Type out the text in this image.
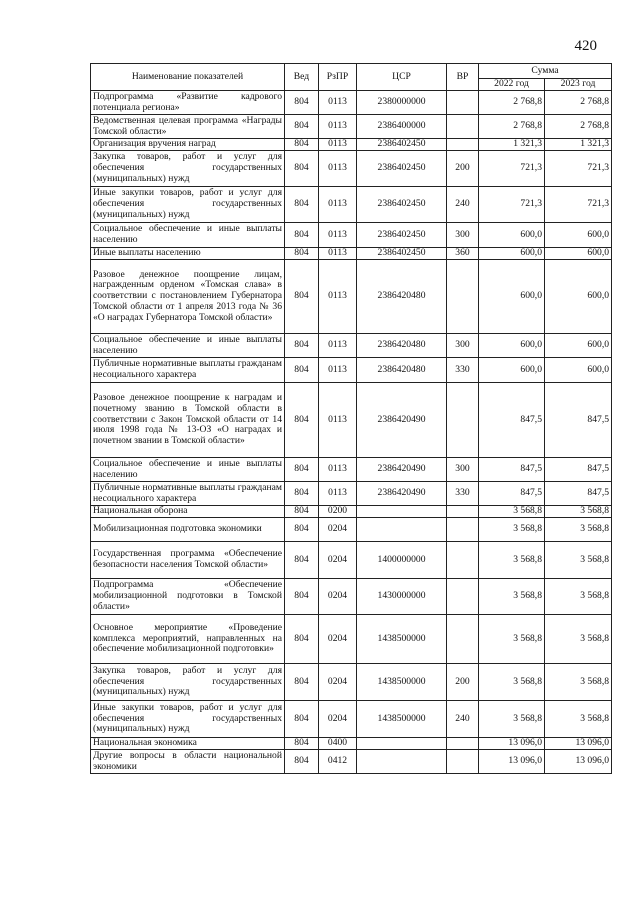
420
Наименование показателей	Вед	РзПР	ЦСР	ВР	Сумма	
					2022 год	2023 год
Подпрограмма «Развитие кадрового потенциала региона»	804	0113	2380000000		2 768,8	2 768,8
Ведомственная целевая программа «Награды Томской области»	804	0113	2386400000		2 768,8	2 768,8
Организация вручения наград	804	0113	2386402450		1 321,3	1 321,3
Закупка товаров, работ и услуг для обеспечения государственных (муниципальных) нужд	804	0113	2386402450	200	721,3	721,3
Иные закупки товаров, работ и услуг для обеспечения государственных (муниципальных) нужд	804	0113	2386402450	240	721,3	721,3
Социальное обеспечение и иные выплаты населению	804	0113	2386402450	300	600,0	600,0
Иные выплаты населению	804	0113	2386402450	360	600,0	600,0
Разовое денежное поощрение лицам, награжденным орденом «Томская слава» в соответствии с постановлением Губернатора Томской области от 1 апреля 2013 года № 36 «О наградах Губернатора Томской области»	804	0113	2386420480		600,0	600,0
Социальное обеспечение и иные выплаты населению	804	0113	2386420480	300	600,0	600,0
Публичные нормативные выплаты гражданам несоциального характера	804	0113	2386420480	330	600,0	600,0
Разовое денежное поощрение к наградам и почетному званию в Томской области в соответствии с Закон Томской области от 14 июля 1998 года № 13-ОЗ «О наградах и почетном звании в Томской области»	804	0113	2386420490		847,5	847,5
Социальное обеспечение и иные выплаты населению	804	0113	2386420490	300	847,5	847,5
Публичные нормативные выплаты гражданам несоциального характера	804	0113	2386420490	330	847,5	847,5
Национальная оборона	804	0200			3 568,8	3 568,8
Мобилизационная подготовка экономики	804	0204			3 568,8	3 568,8
Государственная программа «Обеспечение безопасности населения Томской области»	804	0204	1400000000		3 568,8	3 568,8
Подпрограмма «Обеспечение мобилизационной подготовки в Томской области»	804	0204	1430000000		3 568,8	3 568,8
Основное мероприятие «Проведение комплекса мероприятий, направленных на обеспечение мобилизационной подготовки»	804	0204	1438500000		3 568,8	3 568,8
Закупка товаров, работ и услуг для обеспечения государственных (муниципальных) нужд	804	0204	1438500000	200	3 568,8	3 568,8
Иные закупки товаров, работ и услуг для обеспечения государственных (муниципальных) нужд	804	0204	1438500000	240	3 568,8	3 568,8
Национальная экономика	804	0400			13 096,0	13 096,0
Другие вопросы в области национальной экономики	804	0412			13 096,0	13 096,0
